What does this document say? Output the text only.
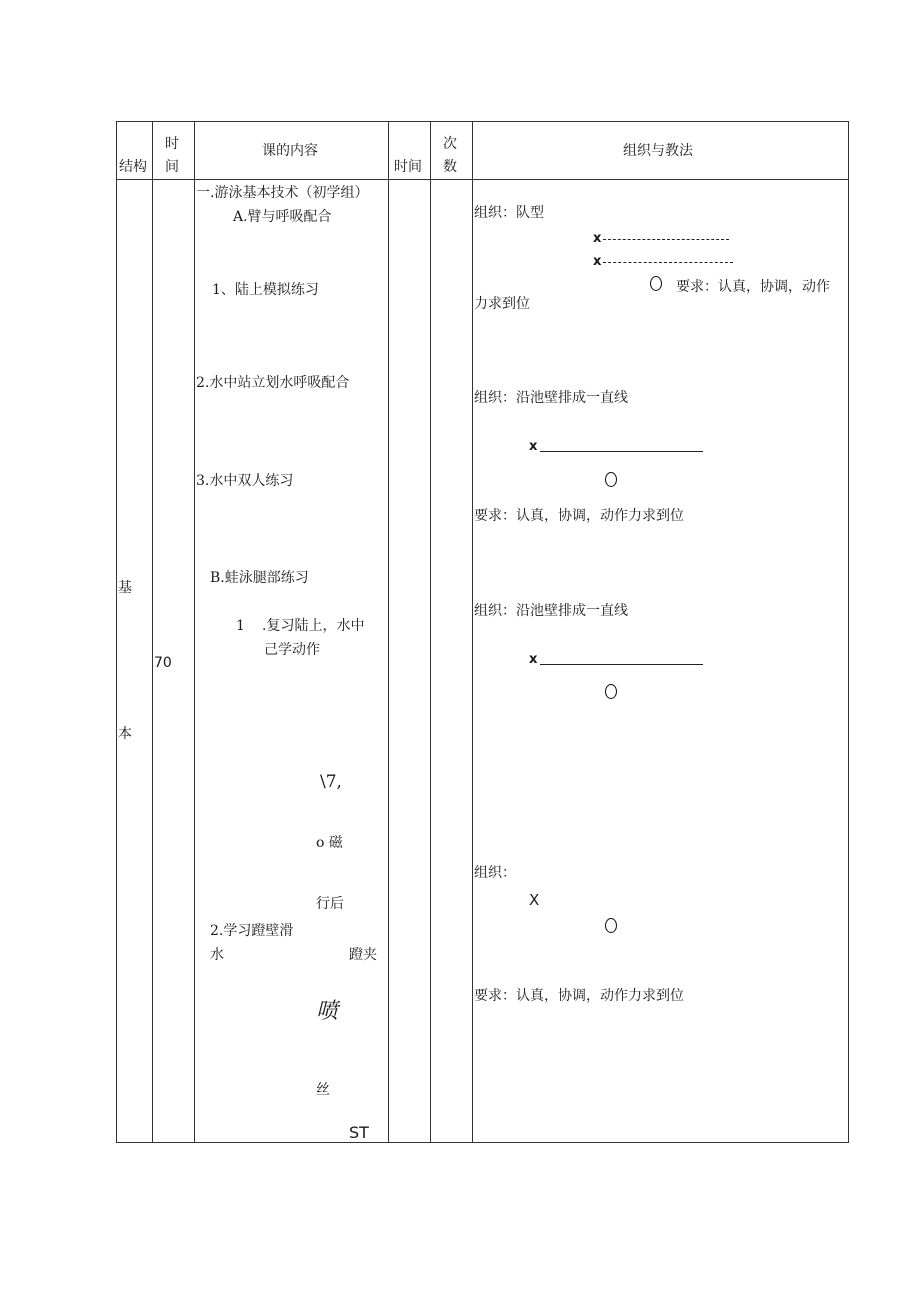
结构
时
间
课的内容
时间
次
数
组织与教法
基
本
70
一.游泳基本技术（初学组）
A.臂与呼吸配合
1、陆上模拟练习
2.水中站立划水呼吸配合
3.水中双人练习
B.蛙泳腿部练习
1 .复习陆上，水中
己学动作
\7,
o 磁
行后
2.学习蹬壁滑
水	蹬夹
喷
丝
ST
组织：队型
x
x
要求：认真，协调，动作
力求到位
组织：沿池壁排成一直线
x
要求：认真，协调，动作力求到位
组织：沿池壁排成一直线
x
组织：
X
要求：认真，协调，动作力求到位
